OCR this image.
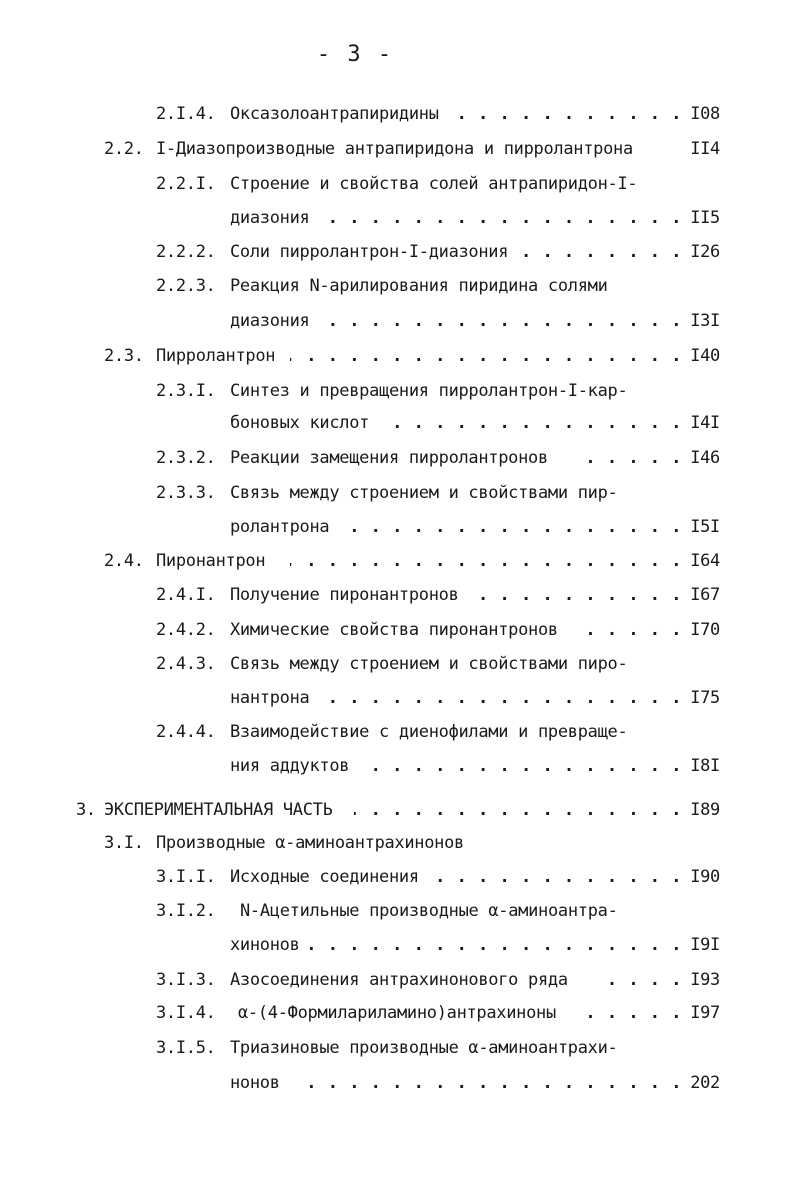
- 3 -
2.I.4. Оксазолоантрапиридины . . .	I08
2.2. I-Диазопроизводные антрапиридона и пирролантрона	II4
2.2.I. Строение и свойства солей антрапиридон-I-
диазония . . .	II5
2.2.2. Соли пирролантрон-I-диазония . . .	I26
2.2.3. Реакция N-арилирования пиридина солями
диазония . . .	I3I
2.3. Пирролантрон . . .	I40
2.3.I. Синтез и превращения пирролантрон-I-кар-
боновых кислот . . .	I4I
2.3.2. Реакции замещения пирролантронов . . .	I46
2.3.3. Связь между строением и свойствами пир-
ролантрона . . .	I5I
2.4. Пиронантрон . . .	I64
2.4.I. Получение пиронантронов . . .	I67
2.4.2. Химические свойства пиронантронов . . .	I70
2.4.3. Связь между строением и свойствами пиро-
нантрона . . .	I75
2.4.4. Взаимодействие с диенофилами и превраще-
ния аддуктов . . .	I8I
3. ЭКСПЕРИМЕНТАЛЬНАЯ ЧАСТЬ . . .	I89
3.I. Производные α-аминоантрахинонов
3.I.I. Исходные соединения . . .	I90
3.I.2. N-Ацетильные производные α-аминоантра-
хинонов . . .	I9I
3.I.3. Азосоединения антрахинонового ряда . . .	I93
3.I.4. α-(4-Формилариламино)антрахиноны . . .	I97
3.I.5. Триазиновые производные α-аминоантрахи-
нонов . . .	202
